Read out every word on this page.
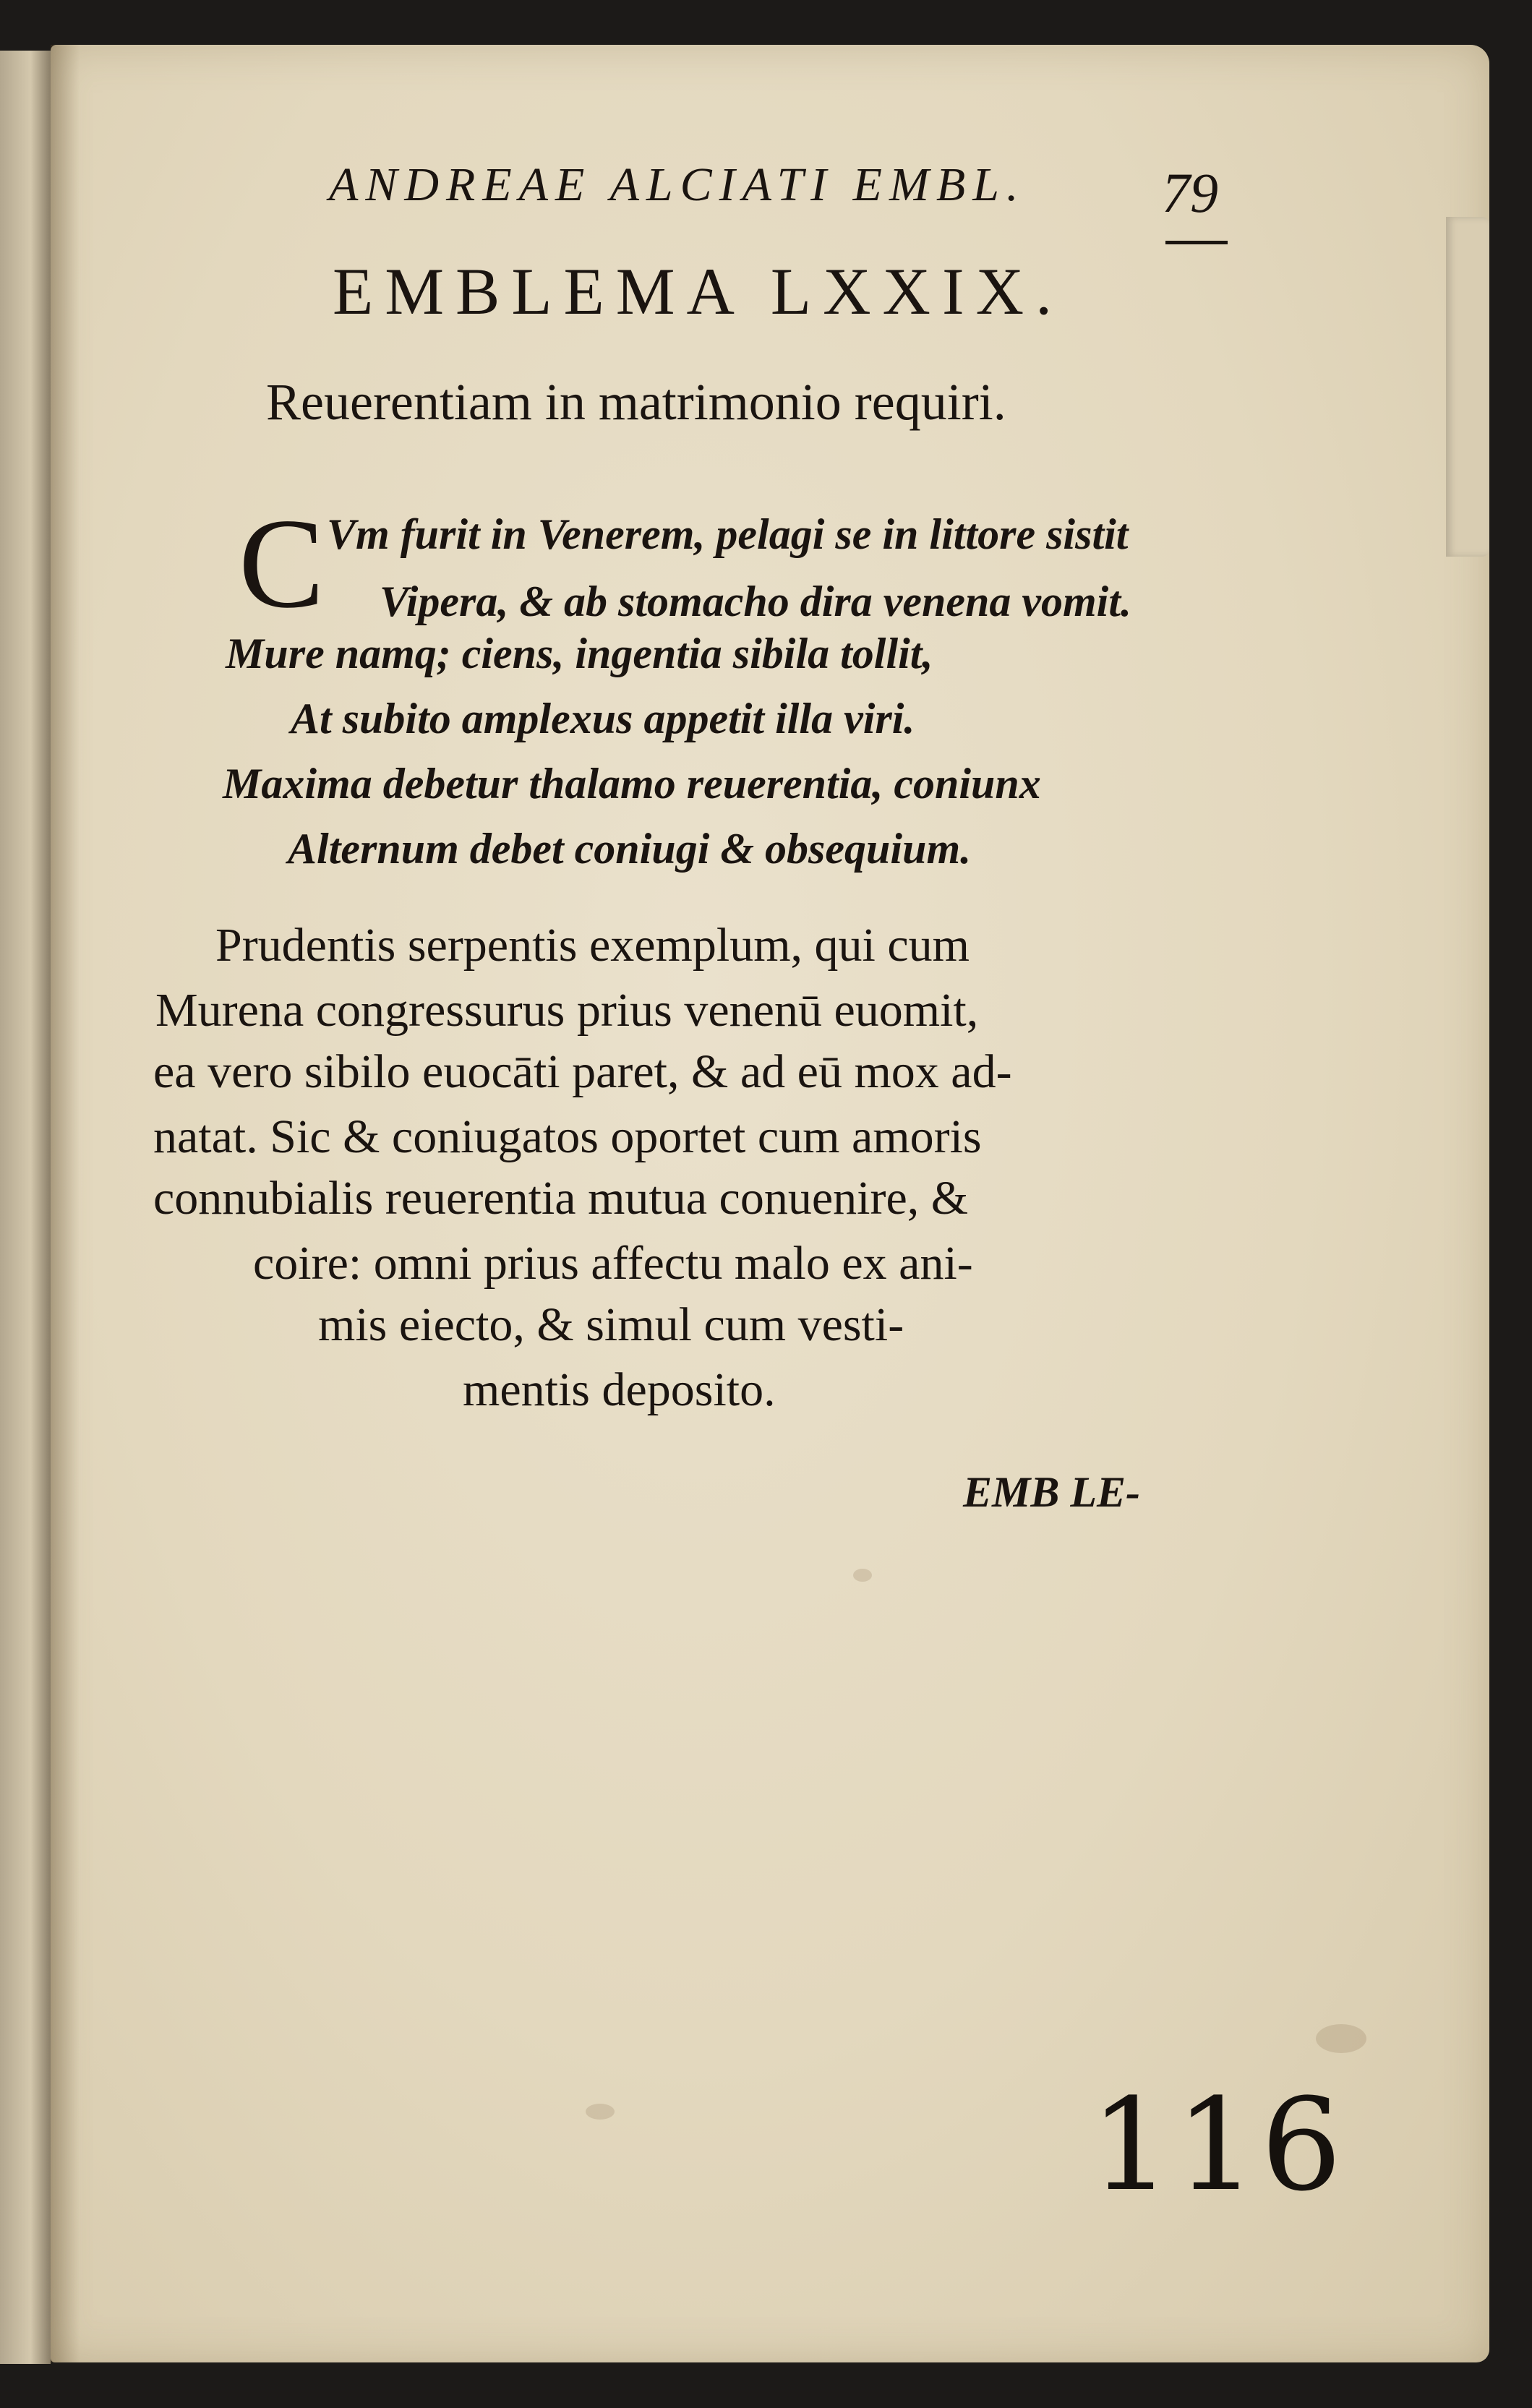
ANDREAE ALCIATI EMBL. 79
EMBLEMA LXXIX.
Reuerentiam in matrimonio requiri.
C Vm furit in Venerem, pelagi se in littore sistit
Vipera, & ab stomacho dira venena vomit.
Mure namq; ciens, ingentia sibila tollit,
At subito amplexus appetit illa viri.
Maxima debetur thalamo reuerentia, coniunx
Alternum debet coniugi & obsequium.
Prudentis serpentis exemplum, qui cum
Murena congressurus prius venenū euomit,
ea vero sibilo euocāti paret, & ad eū mox ad-
natat. Sic & coniugatos oportet cum amoris
connubialis reuerentia mutua conuenire, &
coire: omni prius affectu malo ex ani-
mis eiecto, & simul cum vesti-
mentis deposito.
EMB LE-
116
